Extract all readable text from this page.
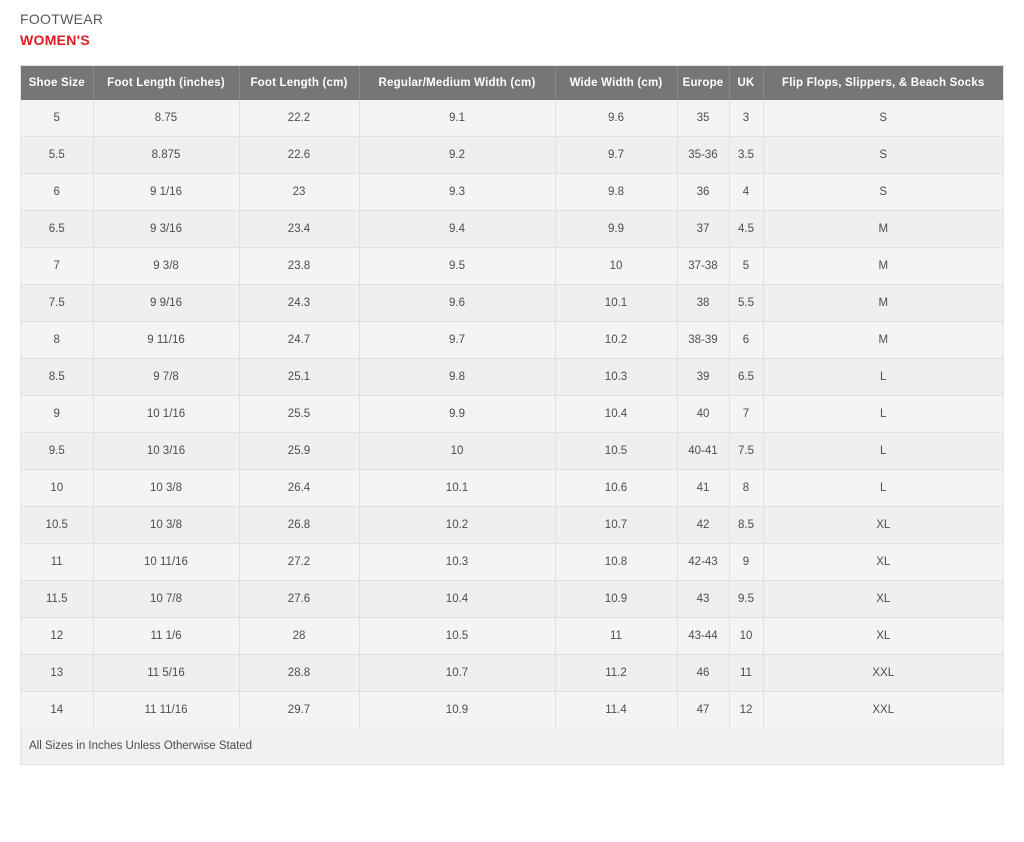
FOOTWEAR
WOMEN'S
Shoe Size	Foot Length (inches)	Foot Length (cm)	Regular/Medium Width (cm)	Wide Width (cm)	Europe	UK	Flip Flops, Slippers, & Beach Socks
5	8.75	22.2	9.1	9.6	35	3	S
5.5	8.875	22.6	9.2	9.7	35-36	3.5	S
6	9 1/16	23	9.3	9.8	36	4	S
6.5	9 3/16	23.4	9.4	9.9	37	4.5	M
7	9 3/8	23.8	9.5	10	37-38	5	M
7.5	9 9/16	24.3	9.6	10.1	38	5.5	M
8	9 11/16	24.7	9.7	10.2	38-39	6	M
8.5	9 7/8	25.1	9.8	10.3	39	6.5	L
9	10 1/16	25.5	9.9	10.4	40	7	L
9.5	10 3/16	25.9	10	10.5	40-41	7.5	L
10	10 3/8	26.4	10.1	10.6	41	8	L
10.5	10 3/8	26.8	10.2	10.7	42	8.5	XL
11	10 11/16	27.2	10.3	10.8	42-43	9	XL
11.5	10 7/8	27.6	10.4	10.9	43	9.5	XL
12	11 1/6	28	10.5	11	43-44	10	XL
13	11 5/16	28.8	10.7	11.2	46	11	XXL
14	11 11/16	29.7	10.9	11.4	47	12	XXL
All Sizes in Inches Unless Otherwise Stated
